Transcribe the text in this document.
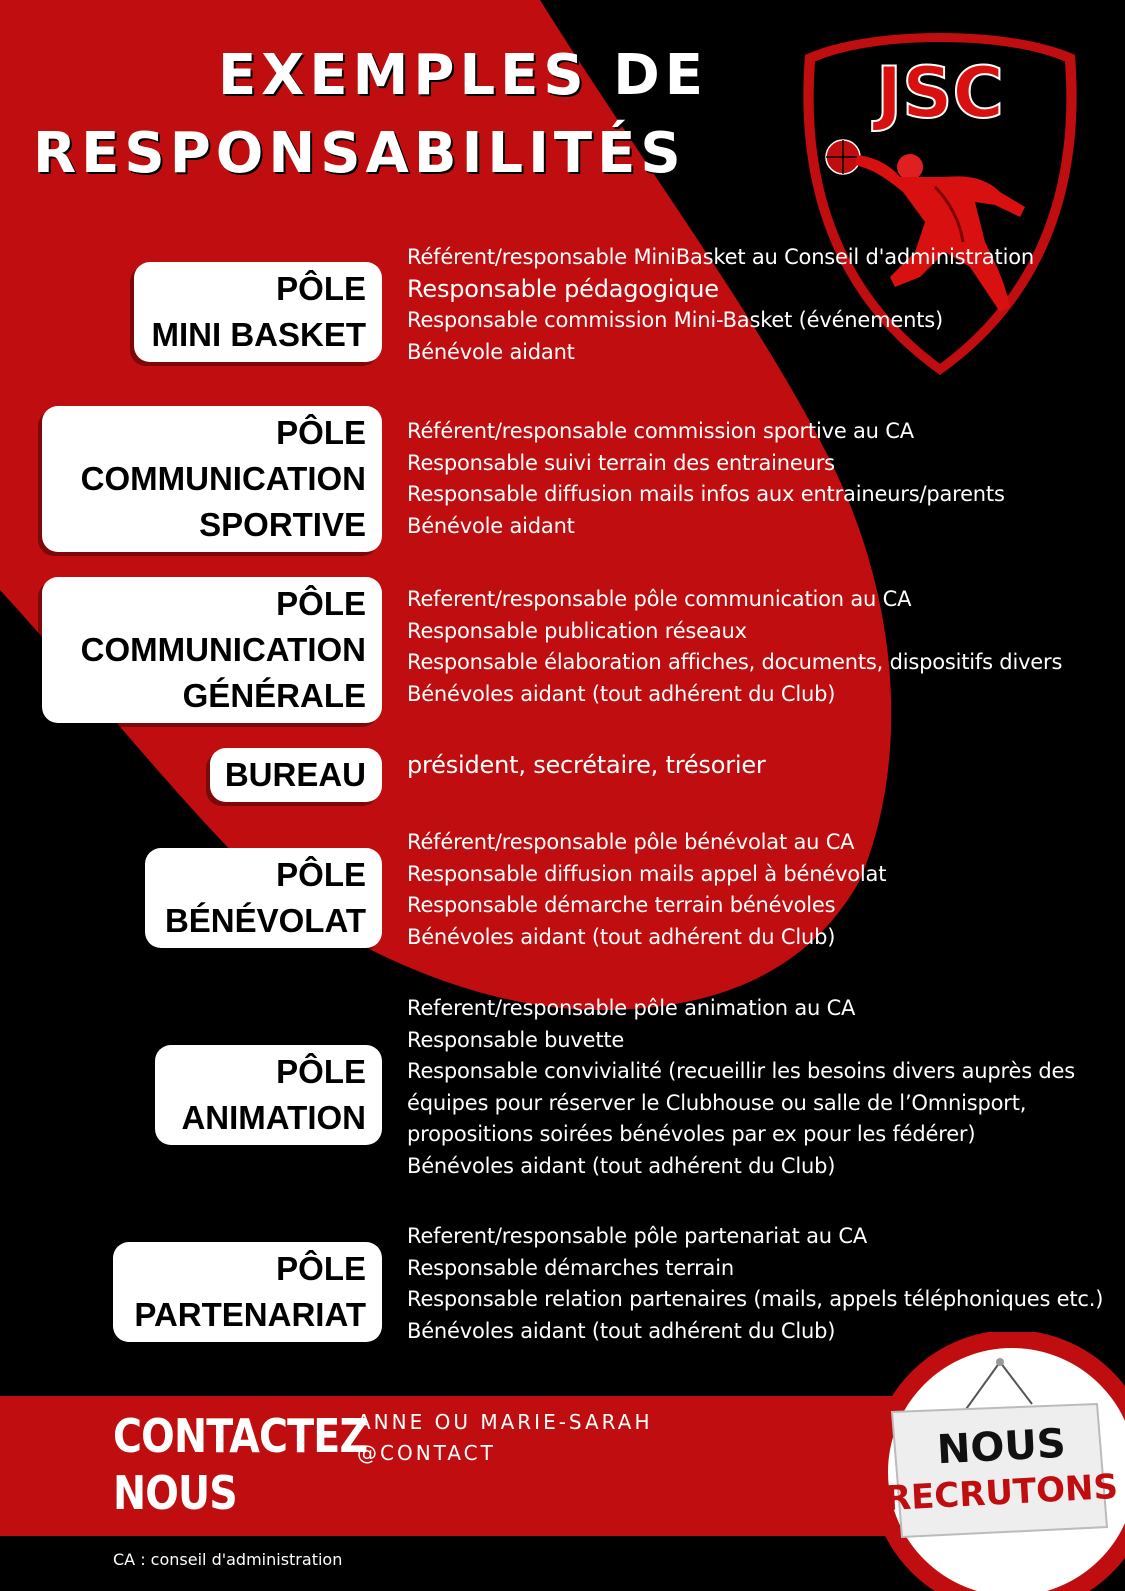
EXEMPLES DE
RESPONSABILITÉS
JSC
PÔLE
MINI BASKET
Référent/responsable MiniBasket au Conseil d'administration
Responsable pédagogique
Responsable commission Mini-Basket (événements)
Bénévole aidant
PÔLE
COMMUNICATION
SPORTIVE
Référent/responsable commission sportive au CA
Responsable suivi terrain des entraineurs
Responsable diffusion mails infos aux entraineurs/parents
Bénévole aidant
PÔLE
COMMUNICATION
GÉNÉRALE
Referent/responsable pôle communication au CA
Responsable publication réseaux
Responsable élaboration affiches, documents, dispositifs divers
Bénévoles aidant (tout adhérent du Club)
BUREAU président, secrétaire, trésorier
PÔLE
BÉNÉVOLAT
Référent/responsable pôle bénévolat au CA
Responsable diffusion mails appel à bénévolat
Responsable démarche terrain bénévoles
Bénévoles aidant (tout adhérent du Club)
PÔLE
ANIMATION
Referent/responsable pôle animation au CA
Responsable buvette
Responsable convivialité (recueillir les besoins divers auprès des
équipes pour réserver le Clubhouse ou salle de l’Omnisport,
propositions soirées bénévoles par ex pour les fédérer)
Bénévoles aidant (tout adhérent du Club)
PÔLE
PARTENARIAT
Referent/responsable pôle partenariat au CA
Responsable démarches terrain
Responsable relation partenaires (mails, appels téléphoniques etc.)
Bénévoles aidant (tout adhérent du Club)
CONTACTEZ
NOUS
ANNE OU MARIE-SARAH
@CONTACT
CA : conseil d'administration
NOUS
RECRUTONS
